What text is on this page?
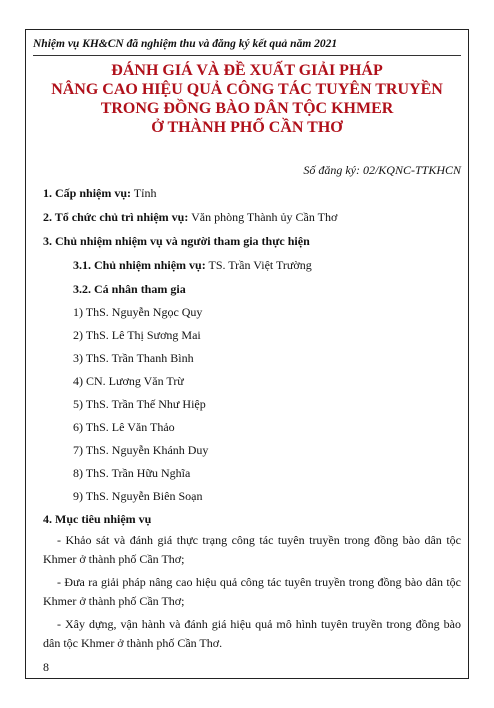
Nhiệm vụ KH&CN đã nghiệm thu và đăng ký kết quả năm 2021
ĐÁNH GIÁ VÀ ĐỀ XUẤT GIẢI PHÁP
NÂNG CAO HIỆU QUẢ CÔNG TÁC TUYÊN TRUYỀN
TRONG ĐỒNG BÀO DÂN TỘC KHMER
Ở THÀNH PHỐ CẦN THƠ
Số đăng ký: 02/KQNC-TTKHCN
1. Cấp nhiệm vụ: Tỉnh
2. Tổ chức chủ trì nhiệm vụ: Văn phòng Thành ủy Cần Thơ
3. Chủ nhiệm nhiệm vụ và người tham gia thực hiện
3.1. Chủ nhiệm nhiệm vụ: TS. Trần Việt Trường
3.2. Cá nhân tham gia
1) ThS. Nguyễn Ngọc Quy
2) ThS. Lê Thị Sương Mai
3) ThS. Trần Thanh Bình
4) CN. Lương Văn Trừ
5) ThS. Trần Thế Như Hiệp
6) ThS. Lê Văn Thảo
7) ThS. Nguyễn Khánh Duy
8) ThS. Trần Hữu Nghĩa
9) ThS. Nguyễn Biên Soạn
4. Mục tiêu nhiệm vụ
- Khảo sát và đánh giá thực trạng công tác tuyên truyền trong đồng bào dân tộc Khmer ở thành phố Cần Thơ;
- Đưa ra giải pháp nâng cao hiệu quả công tác tuyên truyền trong đồng bào dân tộc Khmer ở thành phố Cần Thơ;
- Xây dựng, vận hành và đánh giá hiệu quả mô hình tuyên truyền trong đồng bào dân tộc Khmer ở thành phố Cần Thơ.
8
